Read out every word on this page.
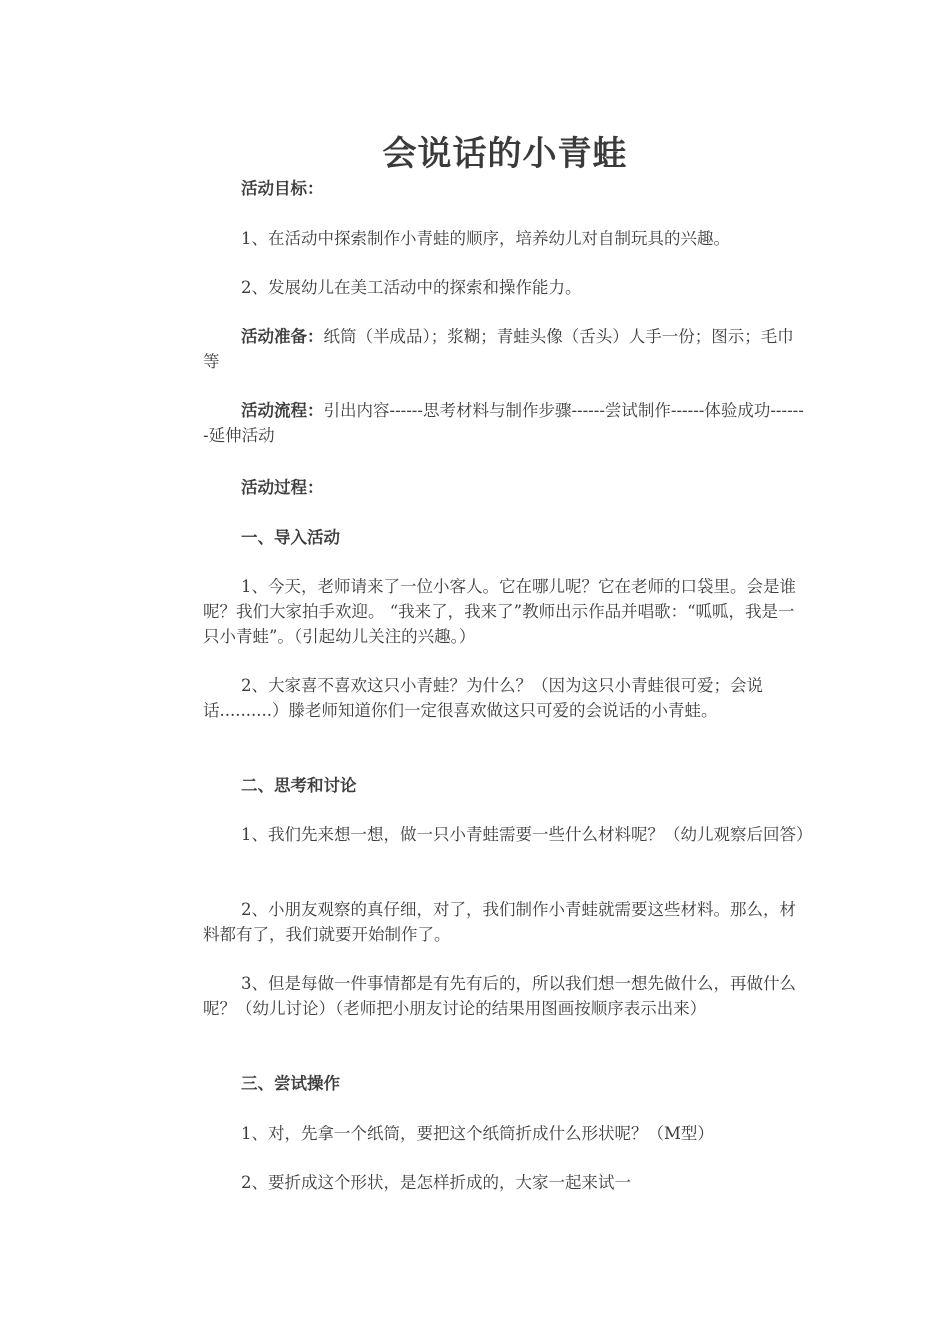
会说话的小青蛙

活动目标：

1、在活动中探索制作小青蛙的顺序，培养幼儿对自制玩具的兴趣。

2、发展幼儿在美工活动中的探索和操作能力。

活动准备：纸筒（半成品）；浆糊；青蛙头像（舌头）人手一份；图示；毛巾等

活动流程：引出内容------思考材料与制作步骤------尝试制作------体验成功-------延伸活动

活动过程：

一、导入活动

1、今天，老师请来了一位小客人。它在哪儿呢？它在老师的口袋里。会是谁呢？我们大家拍手欢迎。 “我来了，我来了”教师出示作品并唱歌：“呱呱，我是一只小青蛙”。（引起幼儿关注的兴趣。）

2、大家喜不喜欢这只小青蛙？为什么？（因为这只小青蛙很可爱；会说话..........）滕老师知道你们一定很喜欢做这只可爱的会说话的小青蛙。

二、思考和讨论

1、我们先来想一想，做一只小青蛙需要一些什么材料呢？（幼儿观察后回答）

2、小朋友观察的真仔细，对了，我们制作小青蛙就需要这些材料。那么，材料都有了，我们就要开始制作了。

3、但是每做一件事情都是有先有后的，所以我们想一想先做什么，再做什么呢？（幼儿讨论）（老师把小朋友讨论的结果用图画按顺序表示出来）

三、尝试操作

1、对，先拿一个纸筒，要把这个纸筒折成什么形状呢？（M型）

2、要折成这个形状，是怎样折成的，大家一起来试一
